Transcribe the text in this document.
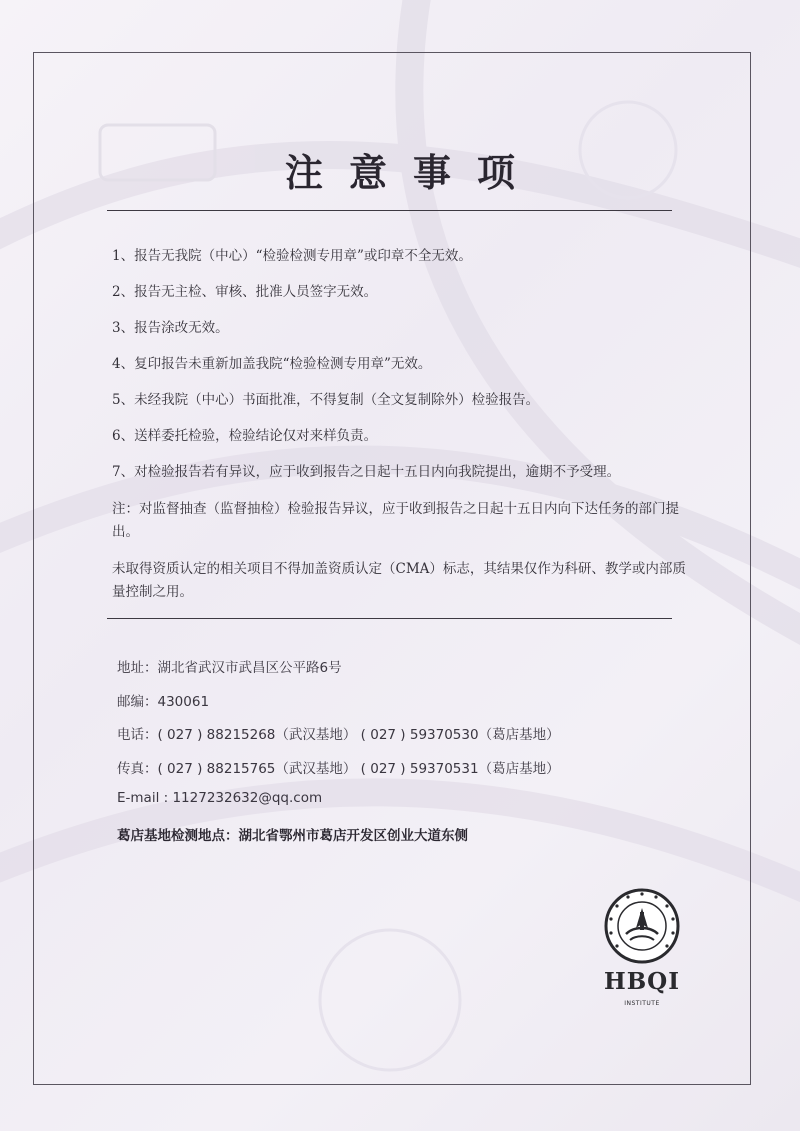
注意事项

1、报告无我院（中心）“检验检测专用章”或印章不全无效。

2、报告无主检、审核、批准人员签字无效。

3、报告涂改无效。

4、复印报告未重新加盖我院“检验检测专用章”无效。

5、未经我院（中心）书面批准，不得复制（全文复制除外）检验报告。

6、送样委托检验，检验结论仅对来样负责。

7、对检验报告若有异议，应于收到报告之日起十五日内向我院提出，逾期不予受理。

注：对监督抽查（监督抽检）检验报告异议，应于收到报告之日起十五日内向下达任务的部门提出。

未取得资质认定的相关项目不得加盖资质认定（CMA）标志，其结果仅作为科研、教学或内部质量控制之用。

地址：湖北省武汉市武昌区公平路6号
邮编：430061
电话：( 027 ) 88215268（武汉基地） ( 027 ) 59370530（葛店基地）
传真：( 027 ) 88215765（武汉基地） ( 027 ) 59370531（葛店基地）
E-mail : 1127232632@qq.com
葛店基地检测地点：湖北省鄂州市葛店开发区创业大道东侧
HBQI
INSTITUTE
